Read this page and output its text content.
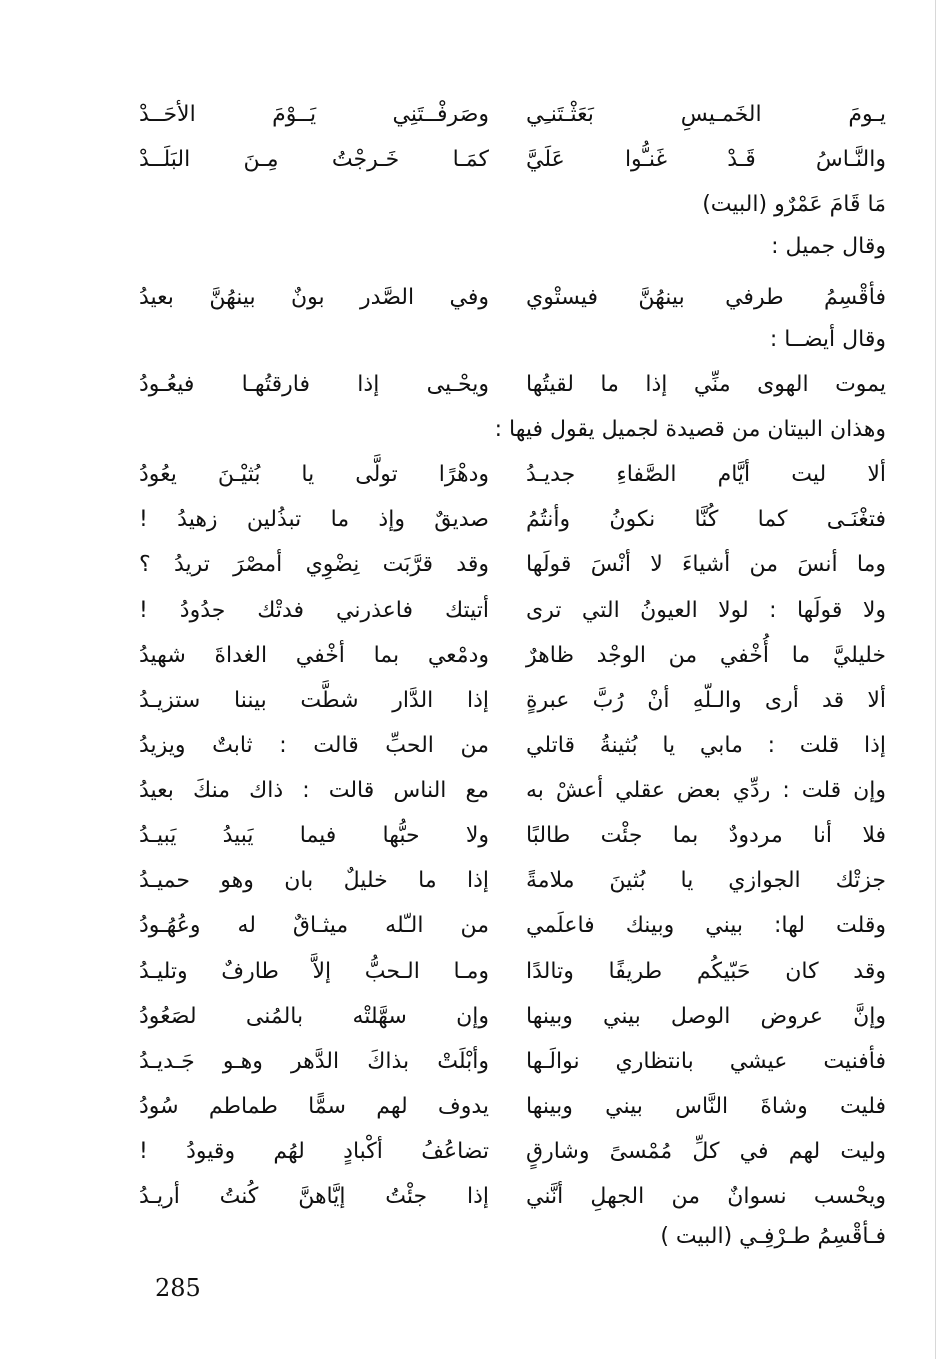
يـومَ الخَمـيسِ بَعَثْـتَنـِي
وصَرفْــتَنِي يَــوْمَ الأحَــدْ
والنَّـاسُ قَـدْ غَنـُّوا عَلَيَّ
كمَـا خَـرجْتُ مِـنَ البَلَــدْ
مَا قَامَ عَمْرٌو (البيت)
وقال جميل :
فأقْسِمُ طرفي بينهُنَّ فيستْوي
وفي الصَّدر بونٌ بينهُنَّ بعيدُ
وقال أيضــا :
يموت الهوى منِّي إذا ما لقيتُها
ويحْـيى إذا فارقتُهـا فيعُـودُ
وهذان البيتان من قصيدة لجميل يقول فيها :
ألا ليت أيَّام الصَّفاءِ جديـدُ
ودهْرًا تولَّى يا بُثيْـنَ يعُودُ
فتغْنَـى كما كُنَّا نكونُ وأنتُمُ
صديقٌ وإذ ما تبذُلين زهيدُ !
وما أنسَ من أشياءَ لا أنْسَ قولَها
وقد قرَّبَت نِضْوِي أمصْرَ تريدُ ؟
ولا قولَها : لولا العيونُ التي ترى
أتيتك فاعذرني فدتْك جدُودُ !
خليليَّ ما أُخْفي من الوجْد ظاهرٌ
ودمْعي بما أخْفي الغداةَ شهيدُ
ألا قد أرى والـلّهِ أنْ رُبَّ عبرةٍ
إذا الدَّار شطَّت بيننا ستزيـدُ
إذا قلت : مابي يا بُثينةُ قاتلي
من الحبِّ قالت : ثابتٌ ويزيدُ
وإن قلت : ردِّي بعض عقلي أعشْ به
مع الناس قالت : ذاك منكَ بعيدُ
فلا أنا مردودٌ بما جئْت طالبًا
ولا حبُّها فيما يَبيدُ يَبيـدُ
جزتْك الجوازي يا بُثينَ ملامةً
إذا ما خليلٌ بان وهو حميـدُ
وقلت لها: بيني وبينك فاعلَمي
من الـّله ميثـاقٌ له وعُهُـودُ
وقد كان حَبّيكُم طريفًا وتالدًا
ومـا الـحبُّ إلاَّ طارفٌ وتليـدُ
وإنَّ عروض الوصل بيني وبينها
وإن سهَّلتْه بالمُنى لصَعُودُ
فأفنيت عيشي بانتظاري نوالَـها
وأبْلَتْ بذاكَ الدَّهر وهـو جَـديـدُ
فليت وشاةَ النَّاس بيني وبينها
يدوف لهم سمًّا طماطم سُودُ
وليت لهم في كلِّ مُمْسىً وشارقٍ
تضاعُفُ أكْبادٍ لهُم وقيودُ !
ويحْسب نسوانٌ من الجهلِ أنَّني
إذا جئْتُ إيَّاهنَّ كُنتُ أريـدُ
فـأقْسِمُ طـرْفِـي (البيت )
285
